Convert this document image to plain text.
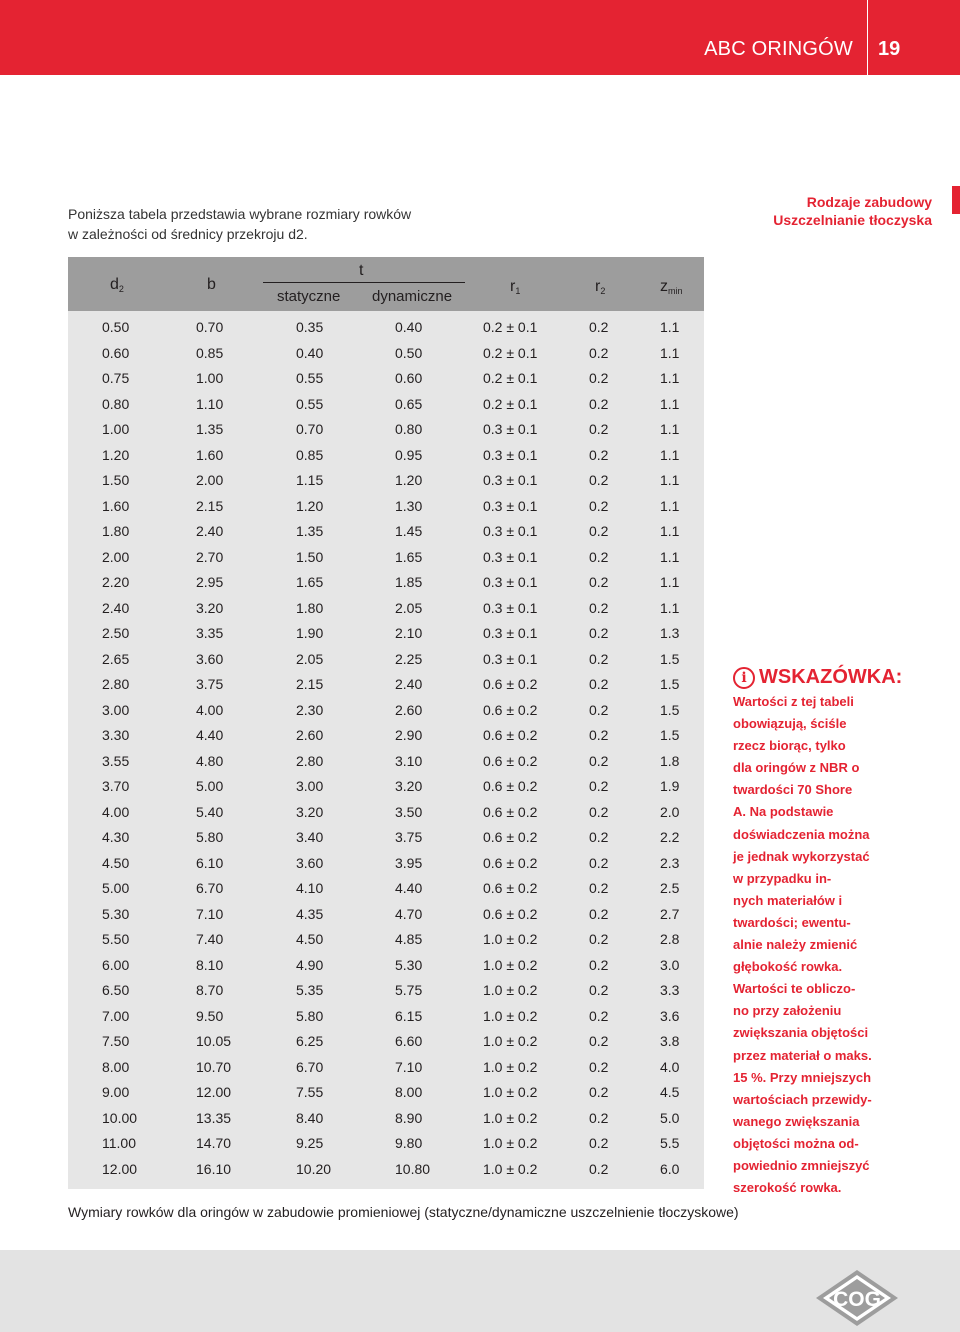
ABC ORINGÓW 19
Poniższa tabela przedstawia wybrane rozmiary rowków
w zależności od średnicy przekroju d2.
Rodzaje zabudowy
Uszczelnianie tłoczyska
$d_2$	b
t
statyczne dynamiczne
$r_1$	$r_2$	$z_{min}$
0.50	0.70	0.35	0.40	0.2 ± 0.1	0.2	1.1
0.60	0.85	0.40	0.50	0.2 ± 0.1	0.2	1.1
0.75	1.00	0.55	0.60	0.2 ± 0.1	0.2	1.1
0.80	1.10	0.55	0.65	0.2 ± 0.1	0.2	1.1
1.00	1.35	0.70	0.80	0.3 ± 0.1	0.2	1.1
1.20	1.60	0.85	0.95	0.3 ± 0.1	0.2	1.1
1.50	2.00	1.15	1.20	0.3 ± 0.1	0.2	1.1
1.60	2.15	1.20	1.30	0.3 ± 0.1	0.2	1.1
1.80	2.40	1.35	1.45	0.3 ± 0.1	0.2	1.1
2.00	2.70	1.50	1.65	0.3 ± 0.1	0.2	1.1
2.20	2.95	1.65	1.85	0.3 ± 0.1	0.2	1.1
2.40	3.20	1.80	2.05	0.3 ± 0.1	0.2	1.1
2.50	3.35	1.90	2.10	0.3 ± 0.1	0.2	1.3
2.65	3.60	2.05	2.25	0.3 ± 0.1	0.2	1.5
2.80	3.75	2.15	2.40	0.6 ± 0.2	0.2	1.5
3.00	4.00	2.30	2.60	0.6 ± 0.2	0.2	1.5
3.30	4.40	2.60	2.90	0.6 ± 0.2	0.2	1.5
3.55	4.80	2.80	3.10	0.6 ± 0.2	0.2	1.8
3.70	5.00	3.00	3.20	0.6 ± 0.2	0.2	1.9
4.00	5.40	3.20	3.50	0.6 ± 0.2	0.2	2.0
4.30	5.80	3.40	3.75	0.6 ± 0.2	0.2	2.2
4.50	6.10	3.60	3.95	0.6 ± 0.2	0.2	2.3
5.00	6.70	4.10	4.40	0.6 ± 0.2	0.2	2.5
5.30	7.10	4.35	4.70	0.6 ± 0.2	0.2	2.7
5.50	7.40	4.50	4.85	1.0 ± 0.2	0.2	2.8
6.00	8.10	4.90	5.30	1.0 ± 0.2	0.2	3.0
6.50	8.70	5.35	5.75	1.0 ± 0.2	0.2	3.3
7.00	9.50	5.80	6.15	1.0 ± 0.2	0.2	3.6
7.50	10.05	6.25	6.60	1.0 ± 0.2	0.2	3.8
8.00	10.70	6.70	7.10	1.0 ± 0.2	0.2	4.0
9.00	12.00	7.55	8.00	1.0 ± 0.2	0.2	4.5
10.00	13.35	8.40	8.90	1.0 ± 0.2	0.2	5.0
11.00	14.70	9.25	9.80	1.0 ± 0.2	0.2	5.5
12.00	16.10	10.20	10.80	1.0 ± 0.2	0.2	6.0
Wymiary rowków dla oringów w zabudowie promieniowej (statyczne/dynamiczne uszczelnienie tłoczyskowe)
i WSKAZÓWKA:
Wartości z tej tabeli
obowiązują, ściśle
rzecz biorąc, tylko
dla oringów z NBR o
twardości 70 Shore
A. Na podstawie
doświadczenia można
je jednak wykorzystać
w przypadku in-
nych materiałów i
twardości; ewentu-
alnie należy zmienić
głębokość rowka.
Wartości te obliczo-
no przy założeniu
zwiększania objętości
przez materiał o maks.
15 %. Przy mniejszych
wartościach przewidy-
wanego zwiększania
objętości można od-
powiednio zmniejszyć
szerokość rowka.
COG
